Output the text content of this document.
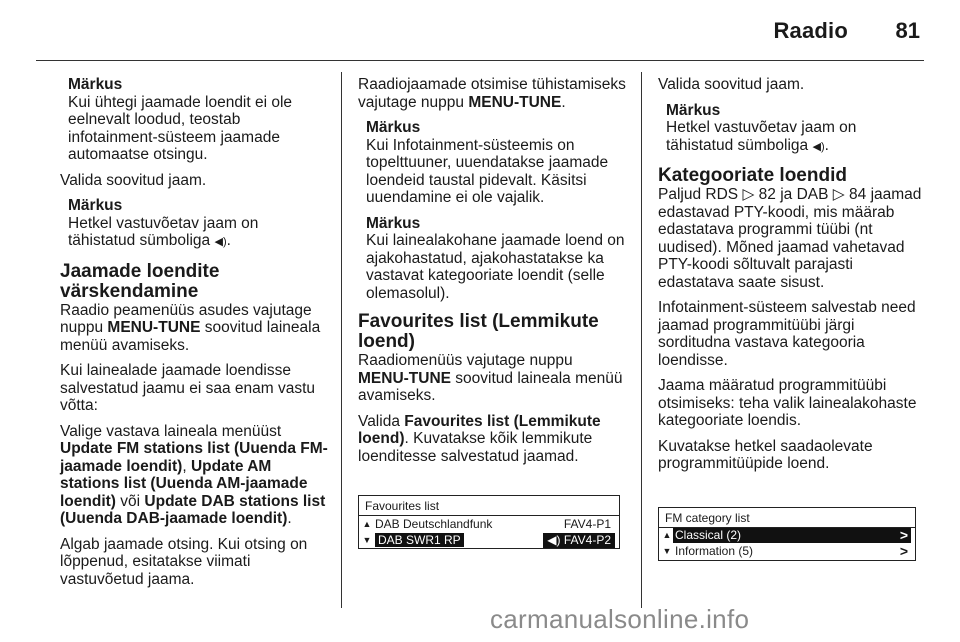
Raadio 81
Märkus
Kui ühtegi jaamade loendit ei ole eelnevalt loodud, teostab infotainment-süsteem jaamade automaatse otsingu.

Valida soovitud jaam.

Märkus
Hetkel vastuvõetav jaam on tähistatud sümboliga ◀).
Jaamade loendite värskendamine

Raadio peamenüüs asudes vajutage nuppu MENU-TUNE soovitud laineala menüü avamiseks.

Kui lainealade jaamade loendisse salvestatud jaamu ei saa enam vastu võtta:

Valige vastava laineala menüüst Update FM stations list (Uuenda FM-jaamade loendit), Update AM stations list (Uuenda AM-jaamade loendit) või Update DAB stations list (Uuenda DAB-jaamade loendit).

Algab jaamade otsing. Kui otsing on lõppenud, esitatakse viimati vastuvõetud jaama.

Raadiojaamade otsimise tühistamiseks vajutage nuppu MENU-TUNE.

Märkus
Kui Infotainment-süsteemis on topelttuuner, uuendatakse jaamade loendeid taustal pidevalt. Käsitsi uuendamine ei ole vajalik.
Märkus
Kui lainealakohane jaamade loend on ajakohastatud, ajakohastatakse ka vastavat kategooriate loendit (selle olemasolul).
Favourites list (Lemmikute loend)

Raadiomenüüs vajutage nuppu MENU-TUNE soovitud laineala menüü avamiseks.

Valida Favourites list (Lemmikute loend). Kuvatakse kõik lemmikute loenditesse salvestatud jaamad.

Favourites list
▲ DAB Deutschlandfunk	FAV4-P1
▼ DAB SWR1 RP	◀) FAV4-P2

Valida soovitud jaam.

Märkus
Hetkel vastuvõetav jaam on tähistatud sümboliga ◀).
Kategooriate loendid

Paljud RDS ▷ 82 ja DAB ▷ 84 jaamad edastavad PTY-koodi, mis määrab edastatava programmi tüübi (nt uudised). Mõned jaamad vahetavad PTY-koodi sõltuvalt parajasti edastatava saate sisust.

Infotainment-süsteem salvestab need jaamad programmitüübi järgi sorditudna vastava kategooria loendisse.

Jaama määratud programmitüübi otsimiseks: teha valik lainealakohaste kategooriate loendis.

Kuvatakse hetkel saadaolevate programmitüüpide loend.

FM category list
▲ Classical (2)	>
▼ Information (5)	>
carmanualsonline.info
